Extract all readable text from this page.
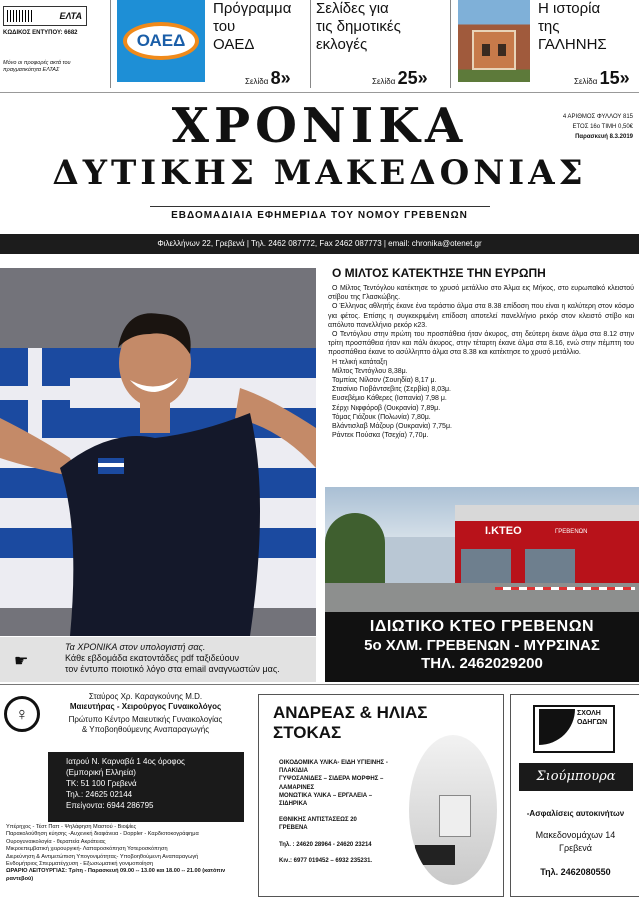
ΕΛΤΑ
ΚΩΔΙΚΟΣ ΕΝΤΥΠΟΥ: 6682
Μόνο οι προφορές ακτά του πραγματικότητα ΕΛΤΑΣ
ΟΑΕΔ
Πρόγραμμα
του
ΟΑΕΔ
Σελίδα 8»
Σελίδες για
τις δημοτικές
εκλογές
Σελίδα 25»
Η ιστορία
της
ΓΑΛΗΝΗΣ
Σελίδα 15»
ΧΡΟΝΙΚΑ
ΔΥΤΙΚΗΣ ΜΑΚΕΔΟΝΙΑΣ
ΕΒΔΟΜΑΔΙΑΙΑ ΕΦΗΜΕΡΙΔΑ ΤΟΥ ΝΟΜΟΥ ΓΡΕΒΕΝΩΝ
4 ΑΡΙΘΜΟΣ ΦΥΛΛΟΥ 815
ΕΤΟΣ 16ο ΤΙΜΗ 0,50€
Παρασκευή 8.3.2019
Φιλελλήνων 22, Γρεβενά | Τηλ. 2462 087772, Fax 2462 087773 | email: chronika@otenet.gr
Ο ΜΙΛΤΟΣ ΚΑΤΕΚΤΗΣΕ ΤΗΝ ΕΥΡΩΠΗ

Ο Μίλτος Τεντόγλου κατέκτησε το χρυσό μετάλλιο στο Άλμα εις Μήκος, στο ευρωπαϊκό κλειστού στίβου της Γλασκώβης.

Ο Έλληνας αθλητής έκανε ένα τεράστιο άλμα στα 8.38 επίδοση που είναι η καλύτερη στον κόσμο για φέτος. Επίσης η συγκεκριμένη επίδοση αποτελεί πανελλήνιο ρεκόρ στον κλειστό στίβο και απόλυτο πανελλήνιο ρεκόρ κ23.

Ο Τεντόγλου στην πρώτη του προσπάθεια ήταν άκυρος, στη δεύτερη έκανε άλμα στα 8.12 στην τρίτη προσπάθεια ήταν και πάλι άκυρος, στην τέταρτη έκανε άλμα στα 8.16, ενώ στην πέμπτη του προσπάθεια έκανε το ασύλληπτο άλμα στα 8.38 και κατέκτησε το χρυσό μετάλλιο.

Η τελική κατάταξη

Μίλτος Τεντόγλου 8,38μ.

Τομπίας Νίλσον (Σουηδία) 8,17 μ.

Στασίνιο Γιοβάντσεβιτς (Σερβία) 8,03μ.

Ευσεβέμιο Κάθερες (Ισπανία) 7,98 μ.

Σέρχι Νιφφόροβ (Ουκρανία) 7,89μ.

Τόμας Γιάζουκ (Πολωνία) 7,80μ.

Βλάντισλαβ Μάζουρ (Ουκρανία) 7,75μ.

Ράντεκ Πούσκα (Τσεχία) 7,70μ.

Ι.ΚΤΕΟ	ΓΡΕΒΕΝΩΝ
ΙΔΙΩΤΙΚΟ ΚΤΕΟ ΓΡΕΒΕΝΩΝ
5ο ΧΛΜ. ΓΡΕΒΕΝΩΝ - ΜΥΡΣΙΝΑΣ
ΤΗΛ. 2462029200
☛
Τα ΧΡΟΝΙΚΑ στον υπολογιστή σας.
Κάθε εβδομάδα εκατοντάδες pdf ταξιδεύουν
τον έντυπο ποιοτικό λόγο στα email αναγνωστών μας.
♀
Σταύρος Χρ. Καραγκούνης M.D.
Μαιευτήρας - Χειρούργος Γυναικολόγος
Πρώτυπο Κέντρο Μαιευτικής Γυναικολογίας
& Υποβοηθούμενης Αναπαραγωγής
Ιατρού Ν. Καρναβά 1 4ος όροφος
(Εμπορική Ελληεία)
ΤΚ: 51 100 Γρεβενά
Τηλ.: 24625 02144
Επείγοντα: 6944 286795
Υπέρηχος - Τέστ Παπ - Ψηλάφηση Μαστού - Βιοψίες
Παρακολούθηση κύησης -Αυχενική διαφάνεια - Doppler - Καρδιοτοκογράφημα
Ουρογυναικολογία - θεραπεία Ακράτειας
Μικροεπεμβατική χειρουργική- Λαπαροσκόπηση Υστεροσκόπηση
Διερεύνηση & Αντιμετώπιση Υπογονιμότητας- Υποβοηθούμενη Αναπαραγωγή
Ενδομήτριος Σπερματέγχυση - Εξωσωματική γονιμοποίηση
ΩΡΑΡΙΟ ΛΕΙΤΟΥΡΓΙΑΣ: Τρίτη - Παρασκευή 09.00 -- 13.00 και 18.00 -- 21.00 (κατόπιν ραντεβού)
ΑΝΔΡΕΑΣ & ΗΛΙΑΣ
ΣΤΟΚΑΣ
ΟΙΚΟΔΟΜΙΚΑ ΥΛΙΚΑ- ΕΙΔΗ ΥΓΙΕΙΝΗΣ -
ΠΛΑΚΙΔΙΑ
ΓΥΨΟΣΑΝΙΔΕΣ – ΣΙΔΕΡΑ ΜΟΡΦΗΣ –
ΛΑΜΑΡΙΝΕΣ
ΜΟΝΩΤΙΚΑ ΥΛΙΚΑ – ΕΡΓΑΛΕΙΑ –
ΣΙΔΗΡΙΚΑ
ΕΘΝΙΚΗΣ ΑΝΤΙΣΤΑΣΕΩΣ 20
ΓΡΕΒΕΝΑ
Τηλ. : 24620 28964 - 24620 23214
Κιν.: 6977 019452 – 6932 235231.
ΣΧΟΛΗ
ΟΔΗΓΩΝ
Σιούμπουρα
-Ασφαλίσεις αυτοκινήτων
Μακεδονομάχων 14
Γρεβενά
Τηλ. 2462080550
